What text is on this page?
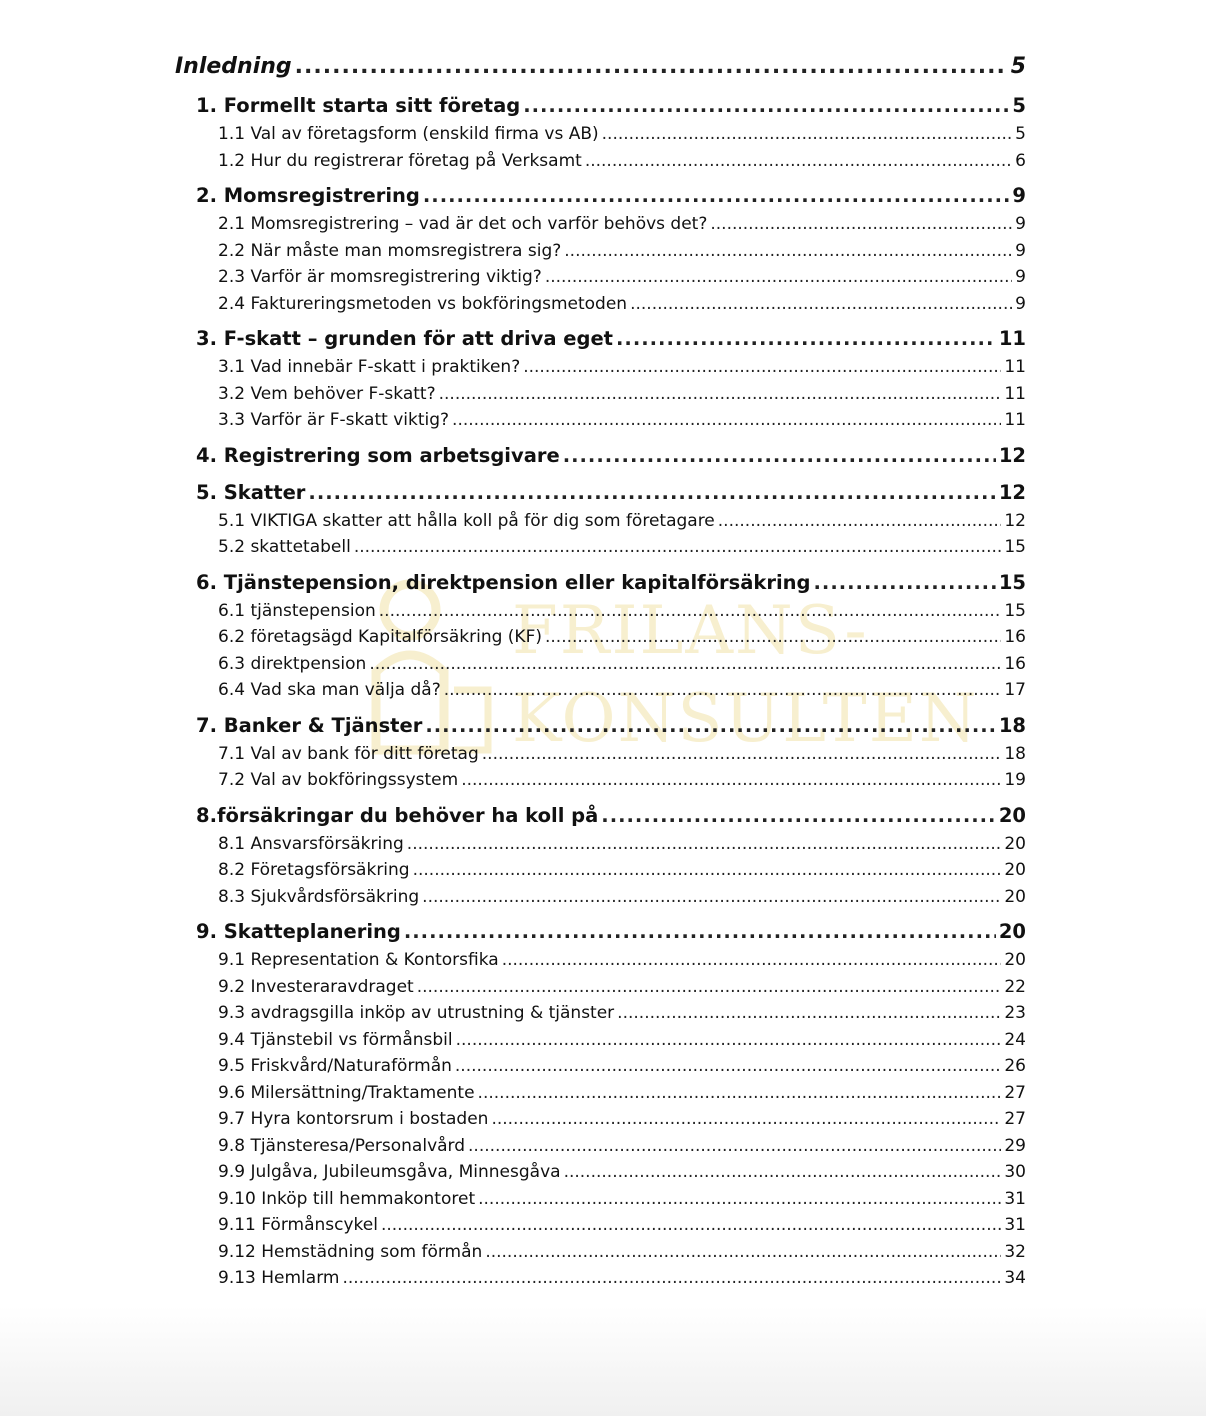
FRILANS-
KONSULTEN
Inledning .....	5
1. Formellt starta sitt företag .....	5
1.1 Val av företagsform (enskild firma vs AB) .....	5
1.2 Hur du registrerar företag på Verksamt .....	6
2. Momsregistrering .....	9
2.1 Momsregistrering – vad är det och varför behövs det? .....	9
2.2 När måste man momsregistrera sig? .....	9
2.3 Varför är momsregistrering viktig? .....	9
2.4 Faktureringsmetoden vs bokföringsmetoden .....	9
3. F-skatt – grunden för att driva eget .....	11
3.1 Vad innebär F-skatt i praktiken? .....	11
3.2 Vem behöver F-skatt? .....	11
3.3 Varför är F-skatt viktig? .....	11
4. Registrering som arbetsgivare .....	12
5. Skatter .....	12
5.1 VIKTIGA skatter att hålla koll på för dig som företagare .....	12
5.2 skattetabell .....	15
6. Tjänstepension, direktpension eller kapitalförsäkring .....	15
6.1 tjänstepension .....	15
6.2 företagsägd Kapitalförsäkring (KF) .....	16
6.3 direktpension .....	16
6.4 Vad ska man välja då? .....	17
7. Banker & Tjänster .....	18
7.1 Val av bank för ditt företag .....	18
7.2 Val av bokföringssystem .....	19
8.försäkringar du behöver ha koll på .....	20
8.1 Ansvarsförsäkring .....	20
8.2 Företagsförsäkring .....	20
8.3 Sjukvårdsförsäkring .....	20
9. Skatteplanering .....	20
9.1 Representation & Kontorsfika .....	20
9.2 Investeraravdraget .....	22
9.3 avdragsgilla inköp av utrustning & tjänster .....	23
9.4 Tjänstebil vs förmånsbil .....	24
9.5 Friskvård/Naturaförmån .....	26
9.6 Milersättning/Traktamente .....	27
9.7 Hyra kontorsrum i bostaden .....	27
9.8 Tjänsteresa/Personalvård .....	29
9.9 Julgåva, Jubileumsgåva, Minnesgåva .....	30
9.10 Inköp till hemmakontoret .....	31
9.11 Förmånscykel .....	31
9.12 Hemstädning som förmån .....	32
9.13 Hemlarm .....	34
